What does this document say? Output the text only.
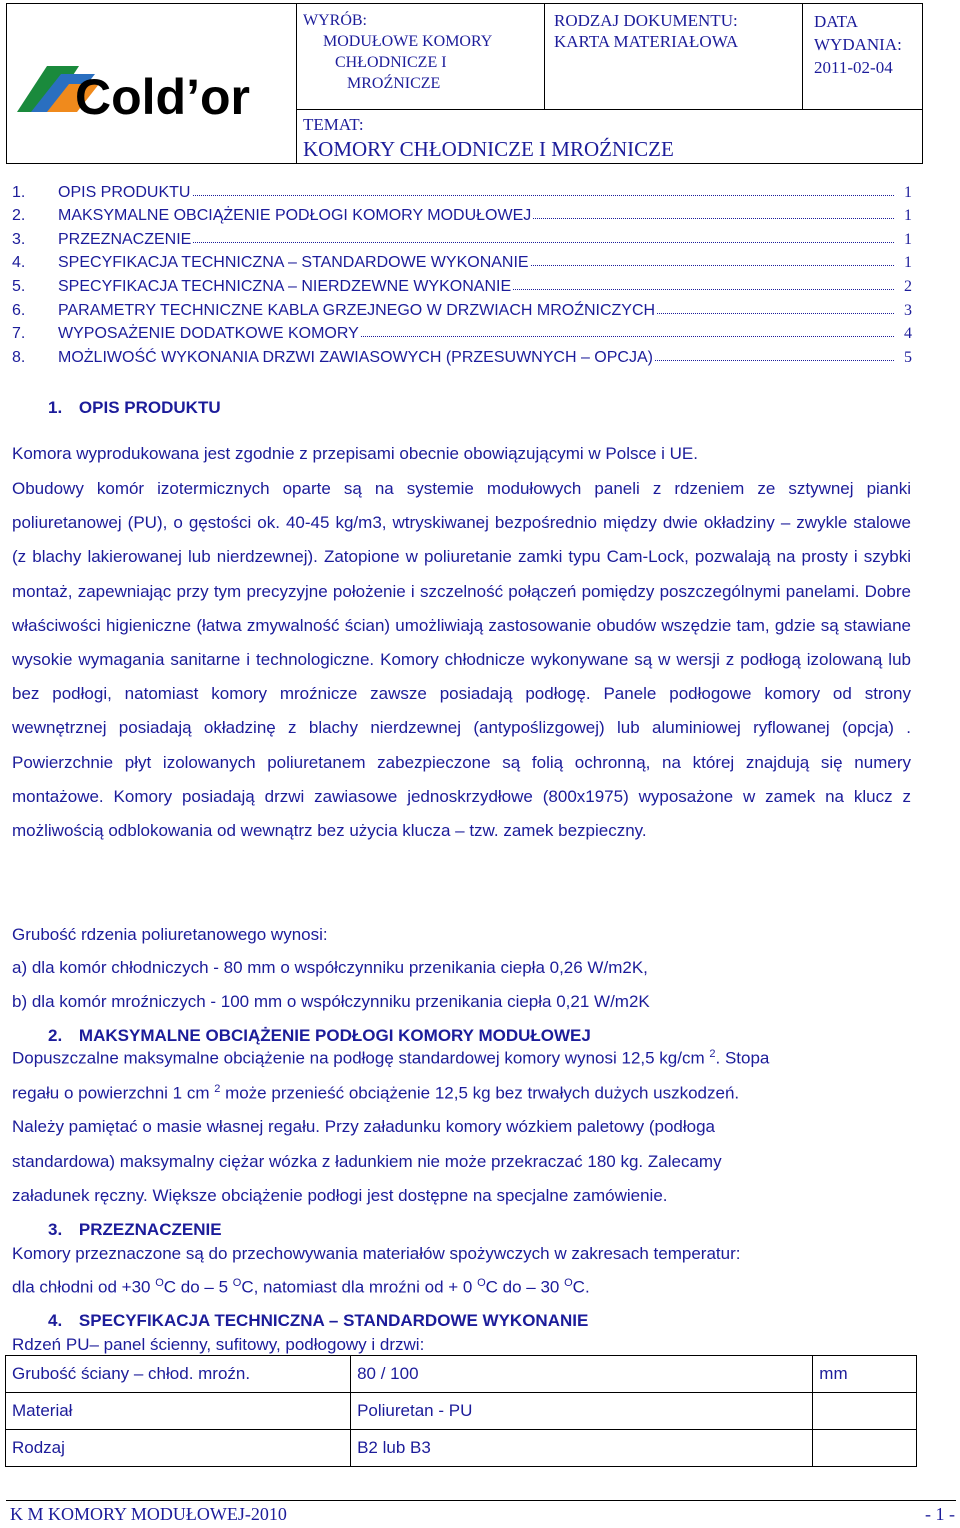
Cold’or
WYRÓB:
MODUŁOWE KOMORY
CHŁODNICZE I
MROŹNICZE
RODZAJ DOKUMENTU:
KARTA MATERIAŁOWA
DATA
WYDANIA:
2011-02-04
TEMAT:
KOMORY CHŁODNICZE I MROŹNICZE
1. OPIS PRODUKTU	1
2. MAKSYMALNE OBCIĄŻENIE PODŁOGI KOMORY MODUŁOWEJ	1
3. PRZEZNACZENIE	1
4. SPECYFIKACJA TECHNICZNA – STANDARDOWE WYKONANIE	1
5. SPECYFIKACJA TECHNICZNA – NIERDZEWNE WYKONANIE	2
6. PARAMETRY TECHNICZNE KABLA GRZEJNEGO W DRZWIACH MROŹNICZYCH	3
7. WYPOSAŻENIE DODATKOWE KOMORY	4
8. MOŻLIWOŚĆ WYKONANIA DRZWI ZAWIASOWYCH (PRZESUWNYCH – OPCJA)	5
1. OPIS PRODUKTU
Komora wyprodukowana jest zgodnie z przepisami obecnie obowiązującymi w Polsce i UE.

Obudowy komór izotermicznych oparte są na systemie modułowych paneli z rdzeniem ze sztywnej pianki poliuretanowej (PU), o gęstości ok. 40-45 kg/m3, wtryskiwanej bezpośrednio między dwie okładziny – zwykle stalowe (z blachy lakierowanej lub nierdzewnej). Zatopione w poliuretanie zamki typu Cam-Lock, pozwalają na prosty i szybki montaż, zapewniając przy tym precyzyjne położenie i szczelność połączeń pomiędzy poszczególnymi panelami. Dobre właściwości higieniczne (łatwa zmywalność ścian) umożliwiają zastosowanie obudów wszędzie tam, gdzie są stawiane wysokie wymagania sanitarne i technologiczne. Komory chłodnicze wykonywane są w wersji z podłogą izolowaną lub bez podłogi, natomiast komory mroźnicze zawsze posiadają podłogę. Panele podłogowe komory od strony wewnętrznej posiadają okładzinę z blachy nierdzewnej (antypoślizgowej) lub aluminiowej ryflowanej (opcja) . Powierzchnie płyt izolowanych poliuretanem zabezpieczone są folią ochronną, na której znajdują się numery montażowe. Komory posiadają drzwi zawiasowe jednoskrzydłowe (800x1975) wyposażone w zamek na klucz z możliwością odblokowania od wewnątrz bez użycia klucza – tzw. zamek bezpieczny.

Grubość rdzenia poliuretanowego wynosi:
a) dla komór chłodniczych - 80 mm o współczynniku przenikania ciepła 0,26 W/m2K,
b) dla komór mroźniczych - 100 mm o współczynniku przenikania ciepła 0,21 W/m2K
2. MAKSYMALNE OBCIĄŻENIE PODŁOGI KOMORY MODUŁOWEJ
Dopuszczalne maksymalne obciążenie na podłogę standardowej komory wynosi 12,5 kg/cm $^2$. Stopa
regału o powierzchni 1 cm $^2$ może przenieść obciążenie 12,5 kg bez trwałych dużych uszkodzeń.
Należy pamiętać o masie własnej regału. Przy załadunku komory wózkiem paletowy (podłoga
standardowa) maksymalny ciężar wózka z ładunkiem nie może przekraczać 180 kg. Zalecamy
załadunek ręczny. Większe obciążenie podłogi jest dostępne na specjalne zamówienie.
3. PRZEZNACZENIE
Komory przeznaczone są do przechowywania materiałów spożywczych w zakresach temperatur:
dla chłodni od +30 $^O$C do – 5 $^O$C, natomiast dla mroźni od + 0 $^O$C do – 30 $^O$C.
4. SPECYFIKACJA TECHNICZNA – STANDARDOWE WYKONANIE
Rdzeń PU– panel ścienny, sufitowy, podłogowy i drzwi:
Grubość ściany – chłod. mroźn.	80 / 100	mm
Materiał	Poliuretan - PU	
Rodzaj	B2 lub B3	
K M KOMORY MODUŁOWEJ-2010	- 1 -
